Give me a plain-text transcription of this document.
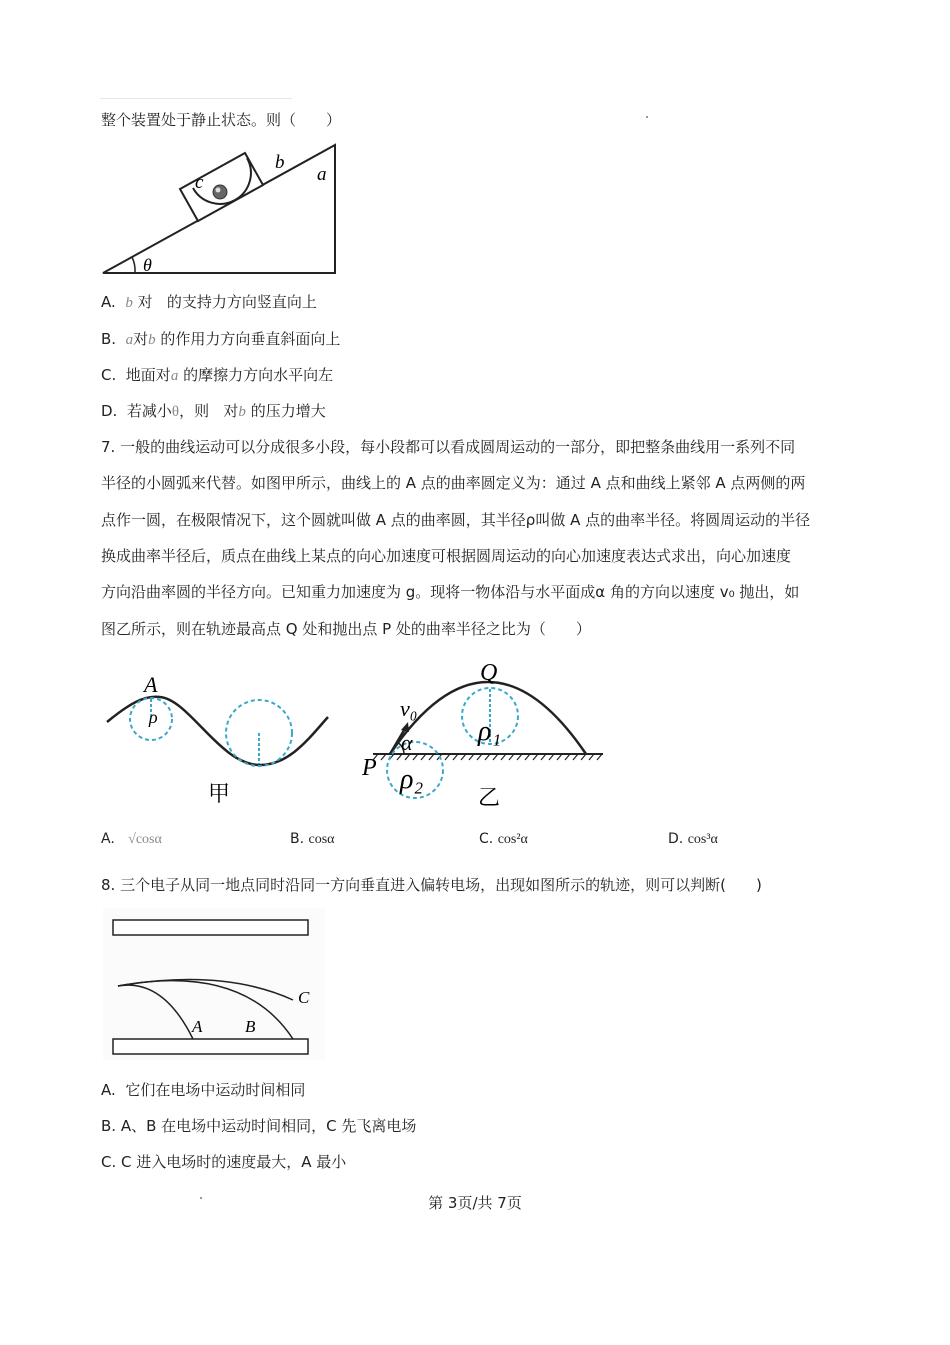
整个装置处于静止状态。则（　　）
b
a
c
θ
A. b 对 的支持力方向竖直向上
B. a对b 的作用力方向垂直斜面向上
C. 地面对a 的摩擦力方向水平向左
D. 若减小θ，则 对b 的压力增大
7. 一般的曲线运动可以分成很多小段，每小段都可以看成圆周运动的一部分，即把整条曲线用一系列不同
半径的小圆弧来代替。如图甲所示，曲线上的 A 点的曲率圆定义为：通过 A 点和曲线上紧邻 A 点两侧的两
点作一圆，在极限情况下，这个圆就叫做 A 点的曲率圆，其半径ρ叫做 A 点的曲率半径。将圆周运动的半径
换成曲率半径后，质点在曲线上某点的向心加速度可根据圆周运动的向心加速度表达式求出，向心加速度
方向沿曲率圆的半径方向。已知重力加速度为 g。现将一物体沿与水平面成α 角的方向以速度 v₀ 抛出，如
图乙所示，则在轨迹最高点 Q 处和抛出点 P 处的曲率半径之比为（　　）
A
ρ
甲
Q
v₀
α
P
ρ₁
ρ₂
乙
A. √cosα	B. cosα	C. cos²α	D. cos³α
8. 三个电子从同一地点同时沿同一方向垂直进入偏转电场，出现如图所示的轨迹，则可以判断(　　)
A	B
C
A. 它们在电场中运动时间相同
B. A、B 在电场中运动时间相同，C 先飞离电场
C. C 进入电场时的速度最大，A 最小
第 3页/共 7页
